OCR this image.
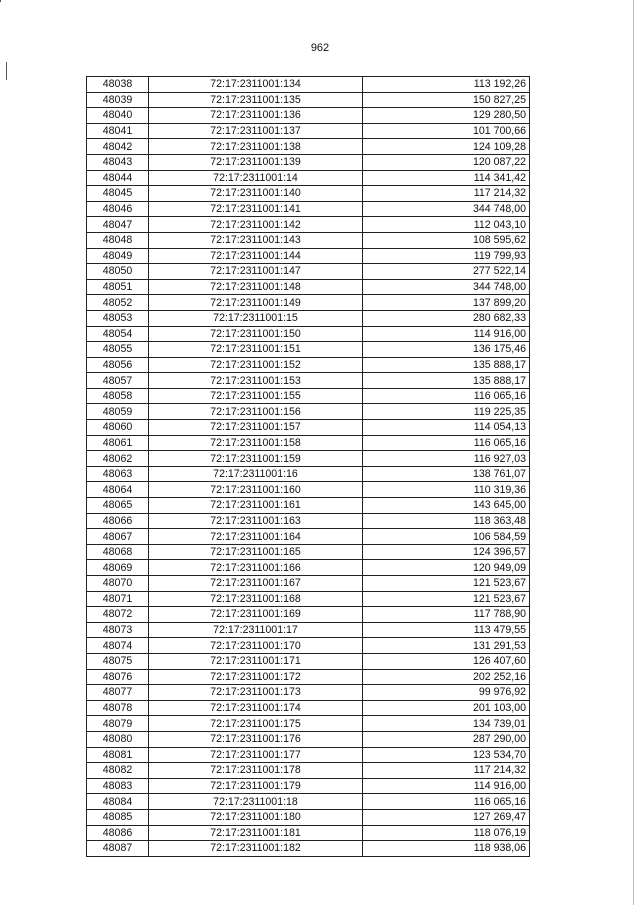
962
48038	72:17:2311001:134	113 192,26
48039	72:17:2311001:135	150 827,25
48040	72:17:2311001:136	129 280,50
48041	72:17:2311001:137	101 700,66
48042	72:17:2311001:138	124 109,28
48043	72:17:2311001:139	120 087,22
48044	72:17:2311001:14	114 341,42
48045	72:17:2311001:140	117 214,32
48046	72:17:2311001:141	344 748,00
48047	72:17:2311001:142	112 043,10
48048	72:17:2311001:143	108 595,62
48049	72:17:2311001:144	119 799,93
48050	72:17:2311001:147	277 522,14
48051	72:17:2311001:148	344 748,00
48052	72:17:2311001:149	137 899,20
48053	72:17:2311001:15	280 682,33
48054	72:17:2311001:150	114 916,00
48055	72:17:2311001:151	136 175,46
48056	72:17:2311001:152	135 888,17
48057	72:17:2311001:153	135 888,17
48058	72:17:2311001:155	116 065,16
48059	72:17:2311001:156	119 225,35
48060	72:17:2311001:157	114 054,13
48061	72:17:2311001:158	116 065,16
48062	72:17:2311001:159	116 927,03
48063	72:17:2311001:16	138 761,07
48064	72:17:2311001:160	110 319,36
48065	72:17:2311001:161	143 645,00
48066	72:17:2311001:163	118 363,48
48067	72:17:2311001:164	106 584,59
48068	72:17:2311001:165	124 396,57
48069	72:17:2311001:166	120 949,09
48070	72:17:2311001:167	121 523,67
48071	72:17:2311001:168	121 523,67
48072	72:17:2311001:169	117 788,90
48073	72:17:2311001:17	113 479,55
48074	72:17:2311001:170	131 291,53
48075	72:17:2311001:171	126 407,60
48076	72:17:2311001:172	202 252,16
48077	72:17:2311001:173	99 976,92
48078	72:17:2311001:174	201 103,00
48079	72:17:2311001:175	134 739,01
48080	72:17:2311001:176	287 290,00
48081	72:17:2311001:177	123 534,70
48082	72:17:2311001:178	117 214,32
48083	72:17:2311001:179	114 916,00
48084	72:17:2311001:18	116 065,16
48085	72:17:2311001:180	127 269,47
48086	72:17:2311001:181	118 076,19
48087	72:17:2311001:182	118 938,06
